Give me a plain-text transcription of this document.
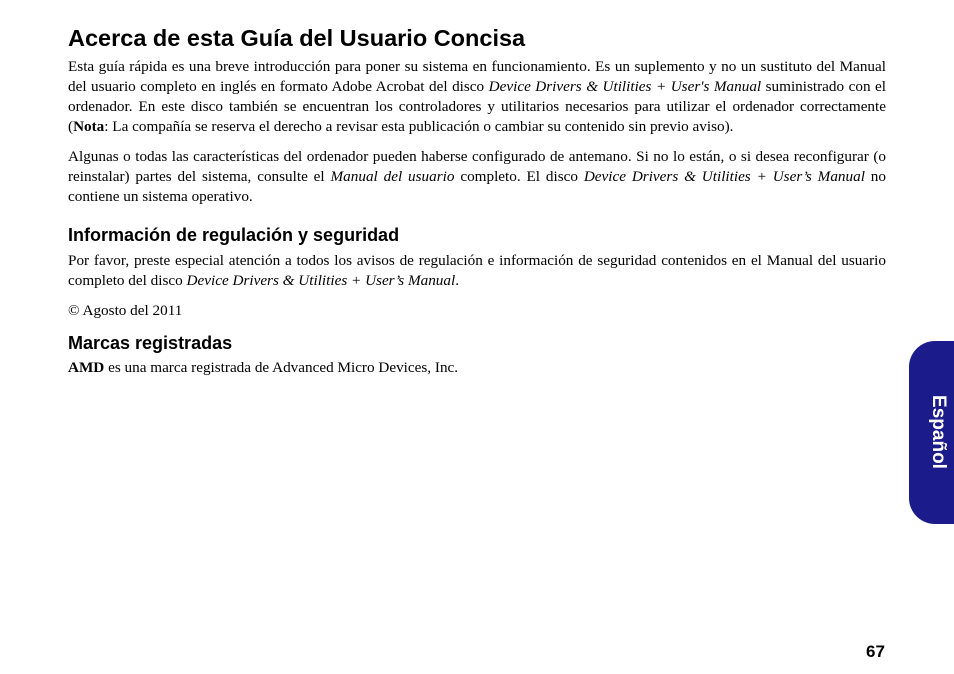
Acerca de esta Guía del Usuario Concisa

Esta guía rápida es una breve introducción para poner su sistema en funcionamiento. Es un suplemento y no un sustituto del Manual del usuario completo en inglés en formato Adobe Acrobat del disco Device Drivers & Utilities + User's Manual suministrado con el ordenador. En este disco también se encuentran los controladores y utilitarios necesarios para utilizar el ordenador correctamente (Nota: La compañía se reserva el derecho a revisar esta publicación o cambiar su contenido sin previo aviso).

Algunas o todas las características del ordenador pueden haberse configurado de antemano. Si no lo están, o si desea reconfigurar (o reinstalar) partes del sistema, consulte el Manual del usuario completo. El disco Device Drivers & Utilities + User’s Manual no contiene un sistema operativo.

Información de regulación y seguridad

Por favor, preste especial atención a todos los avisos de regulación e información de seguridad contenidos en el Manual del usuario completo del disco Device Drivers & Utilities + User’s Manual.

© Agosto del 2011

Marcas registradas

AMD es una marca registrada de Advanced Micro Devices, Inc.

Español
67
